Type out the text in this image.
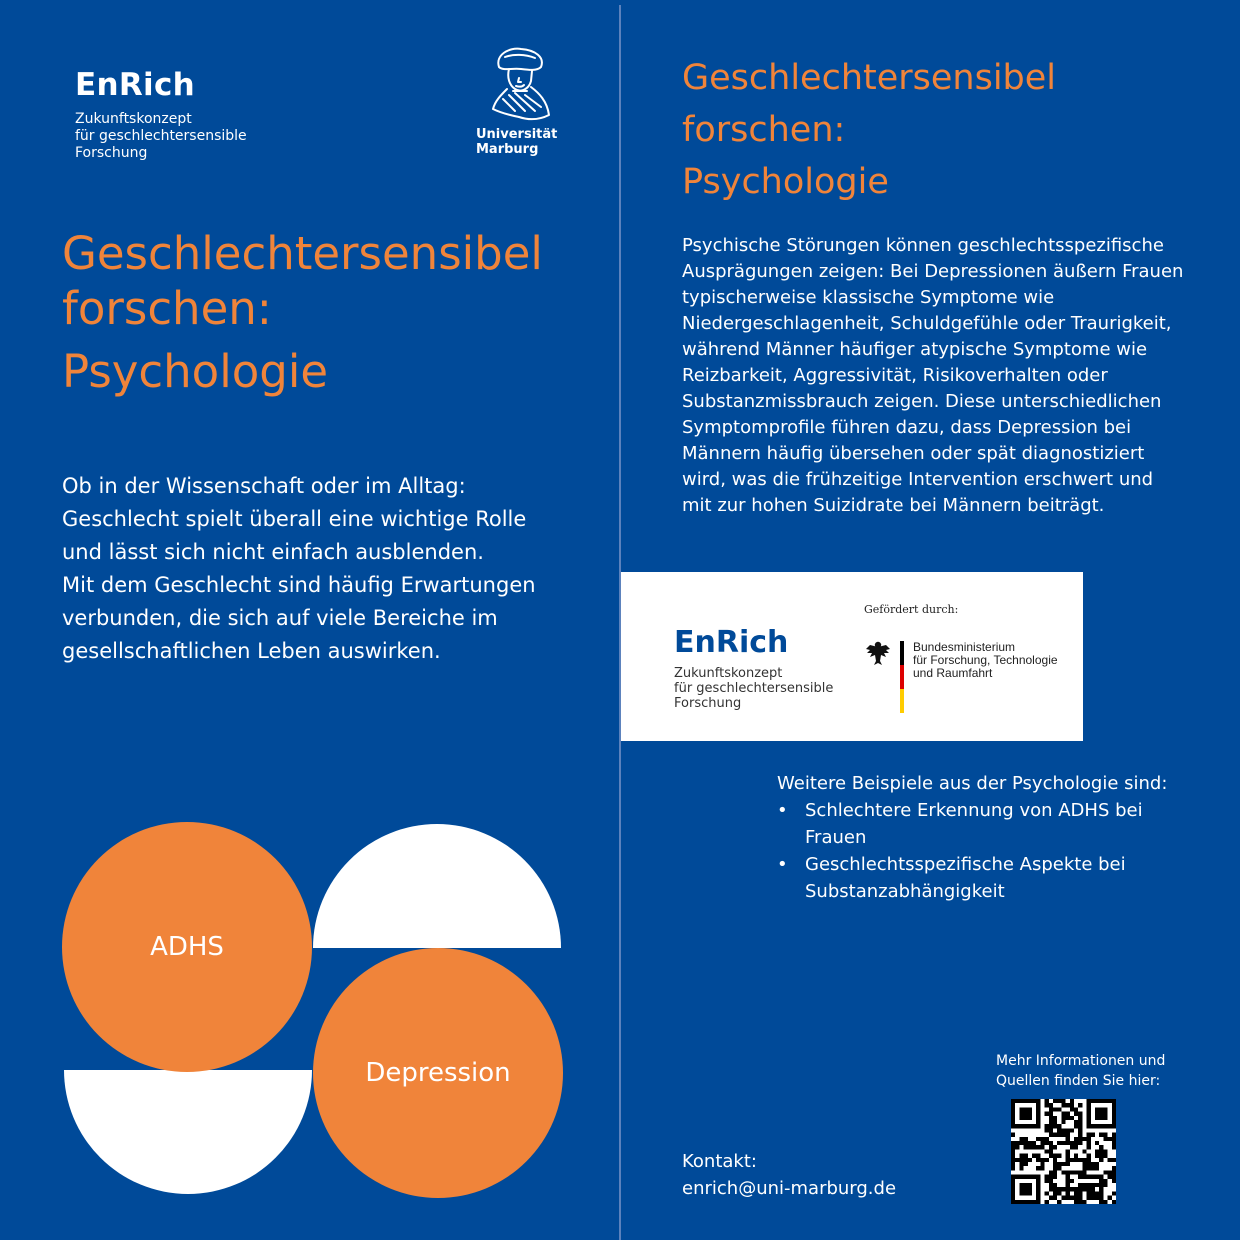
EnRich
Zukunftskonzept
für geschlechtersensible
Forschung
Universität
Marburg
Geschlechtersensibel
forschen:
Psychologie
Ob in der Wissenschaft oder im Alltag:
Geschlecht spielt überall eine wichtige Rolle
und lässt sich nicht einfach ausblenden.
Mit dem Geschlecht sind häufig Erwartungen
verbunden, die sich auf viele Bereiche im
gesellschaftlichen Leben auswirken.
ADHS
Depression
Geschlechtersensibel
forschen:
Psychologie
Psychische Störungen können geschlechtsspezifische
Ausprägungen zeigen: Bei Depressionen äußern Frauen
typischerweise klassische Symptome wie
Niedergeschlagenheit, Schuldgefühle oder Traurigkeit,
während Männer häufiger atypische Symptome wie
Reizbarkeit, Aggressivität, Risikoverhalten oder
Substanzmissbrauch zeigen. Diese unterschiedlichen
Symptomprofile führen dazu, dass Depression bei
Männern häufig übersehen oder spät diagnostiziert
wird, was die frühzeitige Intervention erschwert und
mit zur hohen Suizidrate bei Männern beiträgt.
EnRich
Zukunftskonzept
für geschlechtersensible
Forschung
Gefördert durch:
Bundesministerium
für Forschung, Technologie
und Raumfahrt
Weitere Beispiele aus der Psychologie sind:
• Schlechtere Erkennung von ADHS bei
Frauen
• Geschlechtsspezifische Aspekte bei
Substanzabhängigkeit
Mehr Informationen und
Quellen finden Sie hier:
Kontakt:
enrich@uni-marburg.de
